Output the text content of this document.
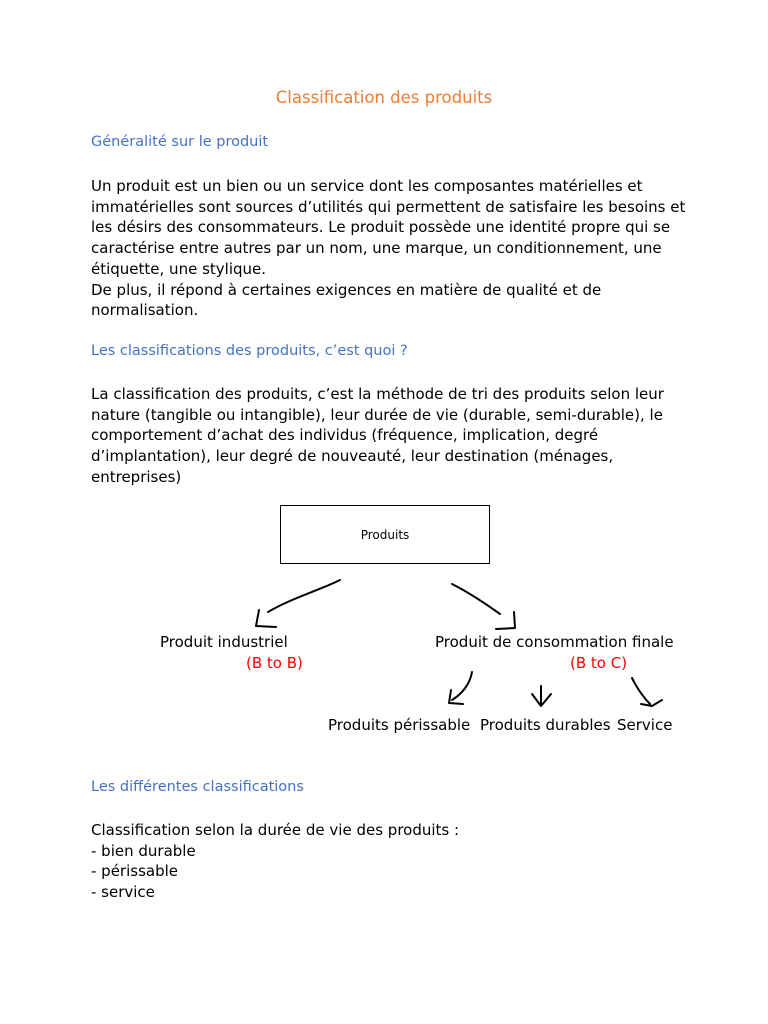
Classification des produits
Généralité sur le produit
Un produit est un bien ou un service dont les composantes matérielles et
immatérielles sont sources d’utilités qui permettent de satisfaire les besoins et
les désirs des consommateurs. Le produit possède une identité propre qui se
caractérise entre autres par un nom, une marque, un conditionnement, une
étiquette, une stylique.
De plus, il répond à certaines exigences en matière de qualité et de
normalisation.
Les classifications des produits, c’est quoi ?
La classification des produits, c’est la méthode de tri des produits selon leur
nature (tangible ou intangible), leur durée de vie (durable, semi-durable), le
comportement d’achat des individus (fréquence, implication, degré
d’implantation), leur degré de nouveauté, leur destination (ménages,
entreprises)
Produits
Produit industriel
(B to B)
Produit de consommation finale
(B to C)
Produits périssable Produits durables Service
Les différentes classifications
Classification selon la durée de vie des produits :
- bien durable
- périssable
- service
